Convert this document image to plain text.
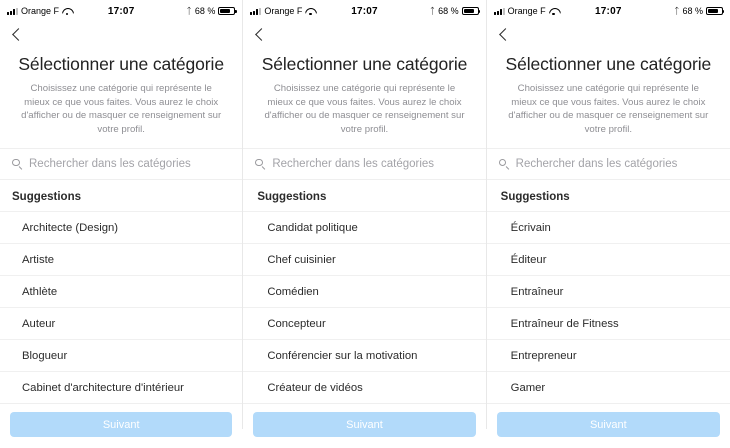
Orange F	17:07	ᛏ 68 %
Sélectionner une catégorie
Choisissez une catégorie qui représente le mieux ce que vous faites. Vous aurez le choix d'afficher ou de masquer ce renseignement sur votre profil.
Rechercher dans les catégories
Suggestions
Architecte (Design)
Artiste
Athlète
Auteur
Blogueur
Cabinet d'architecture d'intérieur
Suivant
Orange F	17:07	ᛏ 68 %
Sélectionner une catégorie
Choisissez une catégorie qui représente le mieux ce que vous faites. Vous aurez le choix d'afficher ou de masquer ce renseignement sur votre profil.
Rechercher dans les catégories
Suggestions
Candidat politique
Chef cuisinier
Comédien
Concepteur
Conférencier sur la motivation
Créateur de vidéos
Suivant
Orange F	17:07	ᛏ 68 %
Sélectionner une catégorie
Choisissez une catégorie qui représente le mieux ce que vous faites. Vous aurez le choix d'afficher ou de masquer ce renseignement sur votre profil.
Rechercher dans les catégories
Suggestions
Écrivain
Éditeur
Entraîneur
Entraîneur de Fitness
Entrepreneur
Gamer
Suivant
